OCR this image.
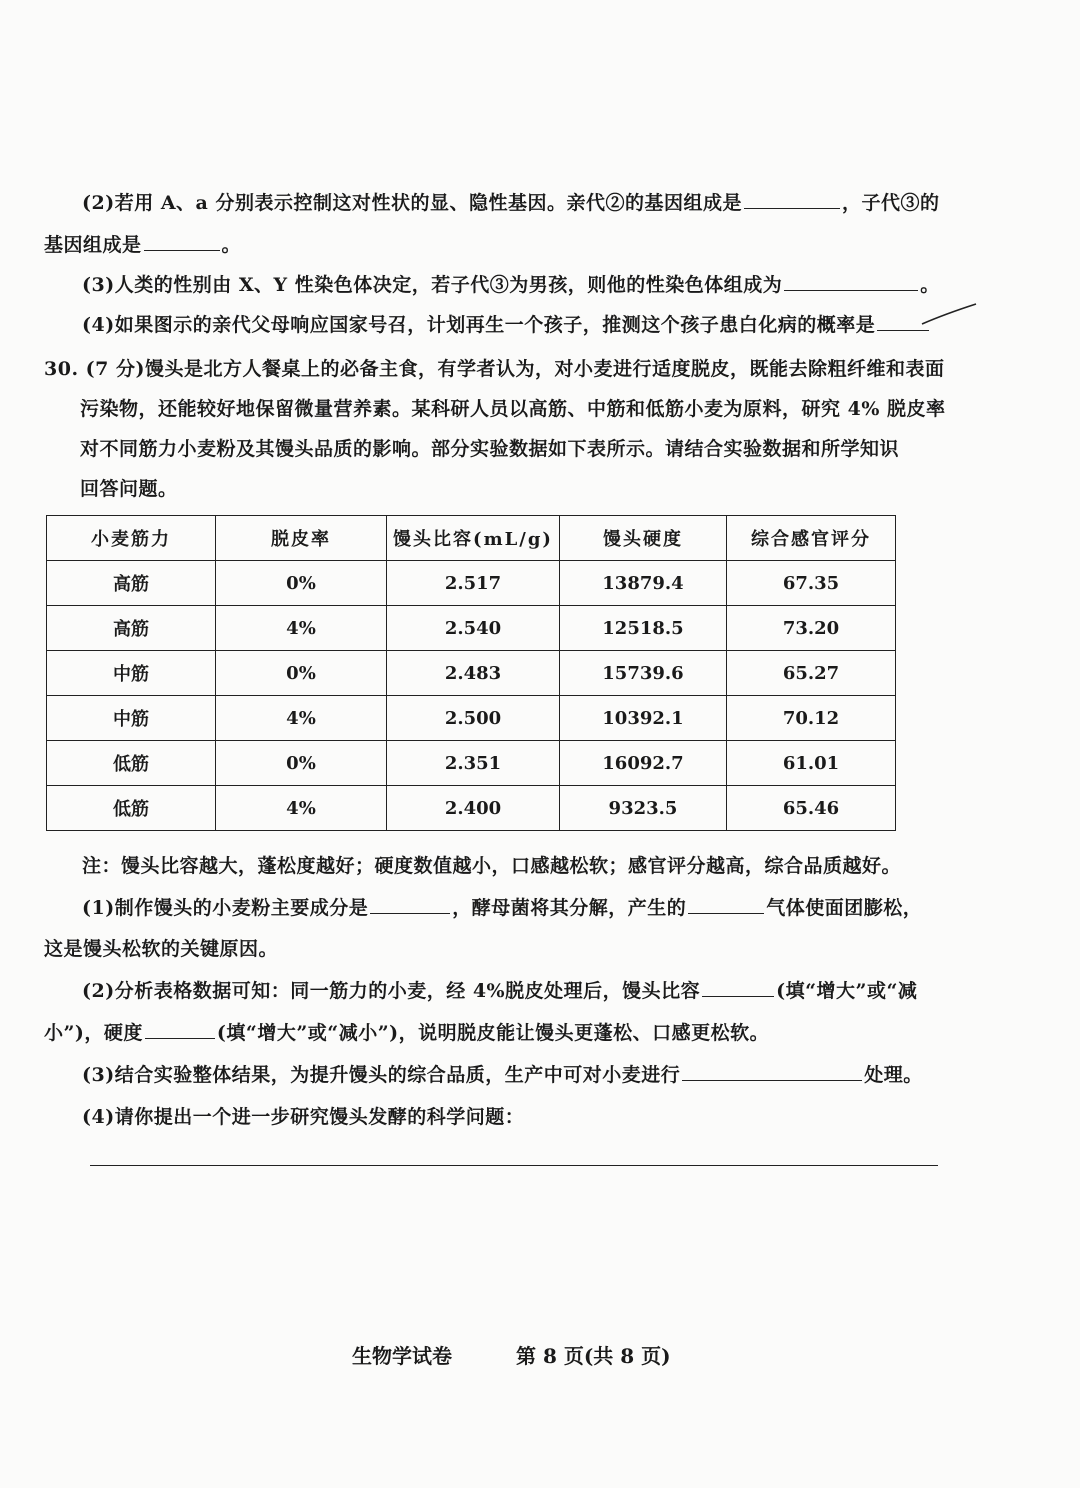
(2)若用 A、a 分别表示控制这对性状的显、隐性基因。亲代②的基因组成是	，子代③的
基因组成是	。
(3)人类的性别由 X、Y 性染色体决定，若子代③为男孩，则他的性染色体组成为	。
(4)如果图示的亲代父母响应国家号召，计划再生一个孩子，推测这个孩子患白化病的概率是
30. (7 分)馒头是北方人餐桌上的必备主食，有学者认为，对小麦进行适度脱皮，既能去除粗纤维和表面
污染物，还能较好地保留微量营养素。某科研人员以高筋、中筋和低筋小麦为原料，研究 4% 脱皮率
对不同筋力小麦粉及其馒头品质的影响。部分实验数据如下表所示。请结合实验数据和所学知识
回答问题。
小麦筋力	脱皮率	馒头比容(mL/g)	馒头硬度	综合感官评分
高筋	0%	2.517	13879.4	67.35
高筋	4%	2.540	12518.5	73.20
中筋	0%	2.483	15739.6	65.27
中筋	4%	2.500	10392.1	70.12
低筋	0%	2.351	16092.7	61.01
低筋	4%	2.400	9323.5	65.46
注：馒头比容越大，蓬松度越好；硬度数值越小，口感越松软；感官评分越高，综合品质越好。
(1)制作馒头的小麦粉主要成分是	，酵母菌将其分解，产生的	气体使面团膨松，
这是馒头松软的关键原因。
(2)分析表格数据可知：同一筋力的小麦，经 4%脱皮处理后，馒头比容	(填“增大”或“减
小”)，硬度	(填“增大”或“减小”)，说明脱皮能让馒头更蓬松、口感更松软。
(3)结合实验整体结果，为提升馒头的综合品质，生产中可对小麦进行	处理。
(4)请你提出一个进一步研究馒头发酵的科学问题：
生物学试卷	第 8 页(共 8 页)
